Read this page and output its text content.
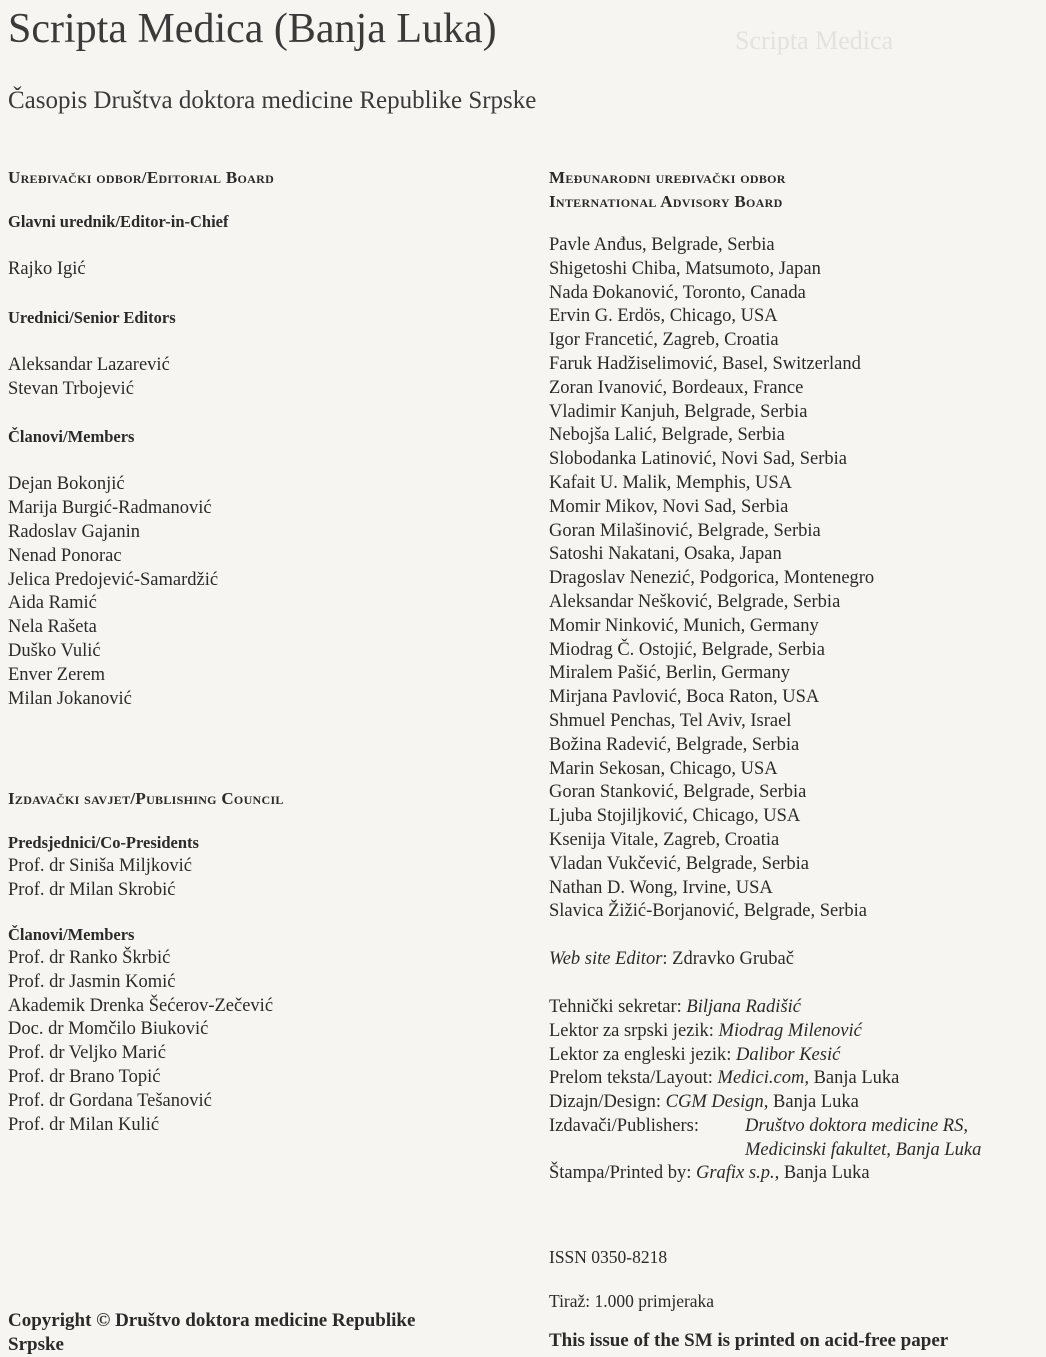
Scripta Medica
Scripta Medica (Banja Luka)
Časopis Društva doktora medicine Republike Srpske
Uređivački odbor/Editorial Board
Glavni urednik/Editor-in-Chief
Rajko Igić
Urednici/Senior Editors
Aleksandar Lazarević
Stevan Trbojević
Članovi/Members
Dejan Bokonjić
Marija Burgić-Radmanović
Radoslav Gajanin
Nenad Ponorac
Jelica Predojević-Samardžić
Aida Ramić
Nela Rašeta
Duško Vulić
Enver Zerem
Milan Jokanović
Izdavački savjet/Publishing Council
Predsjednici/Co-Presidents
Prof. dr Siniša Miljković
Prof. dr Milan Skrobić
Članovi/Members
Prof. dr Ranko Škrbić
Prof. dr Jasmin Komić
Akademik Drenka Šećerov-Zečević
Doc. dr Momčilo Biuković
Prof. dr Veljko Marić
Prof. dr Brano Topić
Prof. dr Gordana Tešanović
Prof. dr Milan Kulić
Copyright © Društvo doktora medicine Republike Srpske
Međunarodni uređivački odbor
International Advisory Board
Pavle Anđus, Belgrade, Serbia
Shigetoshi Chiba, Matsumoto, Japan
Nada Đokanović, Toronto, Canada
Ervin G. Erdös, Chicago, USA
Igor Francetić, Zagreb, Croatia
Faruk Hadžiselimović, Basel, Switzerland
Zoran Ivanović, Bordeaux, France
Vladimir Kanjuh, Belgrade, Serbia
Nebojša Lalić, Belgrade, Serbia
Slobodanka Latinović, Novi Sad, Serbia
Kafait U. Malik, Memphis, USA
Momir Mikov, Novi Sad, Serbia
Goran Milašinović, Belgrade, Serbia
Satoshi Nakatani, Osaka, Japan
Dragoslav Nenezić, Podgorica, Montenegro
Aleksandar Nešković, Belgrade, Serbia
Momir Ninković, Munich, Germany
Miodrag Č. Ostojić, Belgrade, Serbia
Miralem Pašić, Berlin, Germany
Mirjana Pavlović, Boca Raton, USA
Shmuel Penchas, Tel Aviv, Israel
Božina Radević, Belgrade, Serbia
Marin Sekosan, Chicago, USA
Goran Stanković, Belgrade, Serbia
Ljuba Stojiljković, Chicago, USA
Ksenija Vitale, Zagreb, Croatia
Vladan Vukčević, Belgrade, Serbia
Nathan D. Wong, Irvine, USA
Slavica Žižić-Borjanović, Belgrade, Serbia
Web site Editor: Zdravko Grubač
Tehnički sekretar: Biljana Radišić
Lektor za srpski jezik: Miodrag Milenović
Lektor za engleski jezik: Dalibor Kesić
Prelom teksta/Layout: Medici.com, Banja Luka
Dizajn/Design: CGM Design, Banja Luka
Izdavači/Publishers:	Društvo doktora medicine RS,
Medicinski fakultet, Banja Luka
Štampa/Printed by: Grafix s.p., Banja Luka
ISSN 0350-8218
Tiraž: 1.000 primjeraka
This issue of the SM is printed on acid-free paper
